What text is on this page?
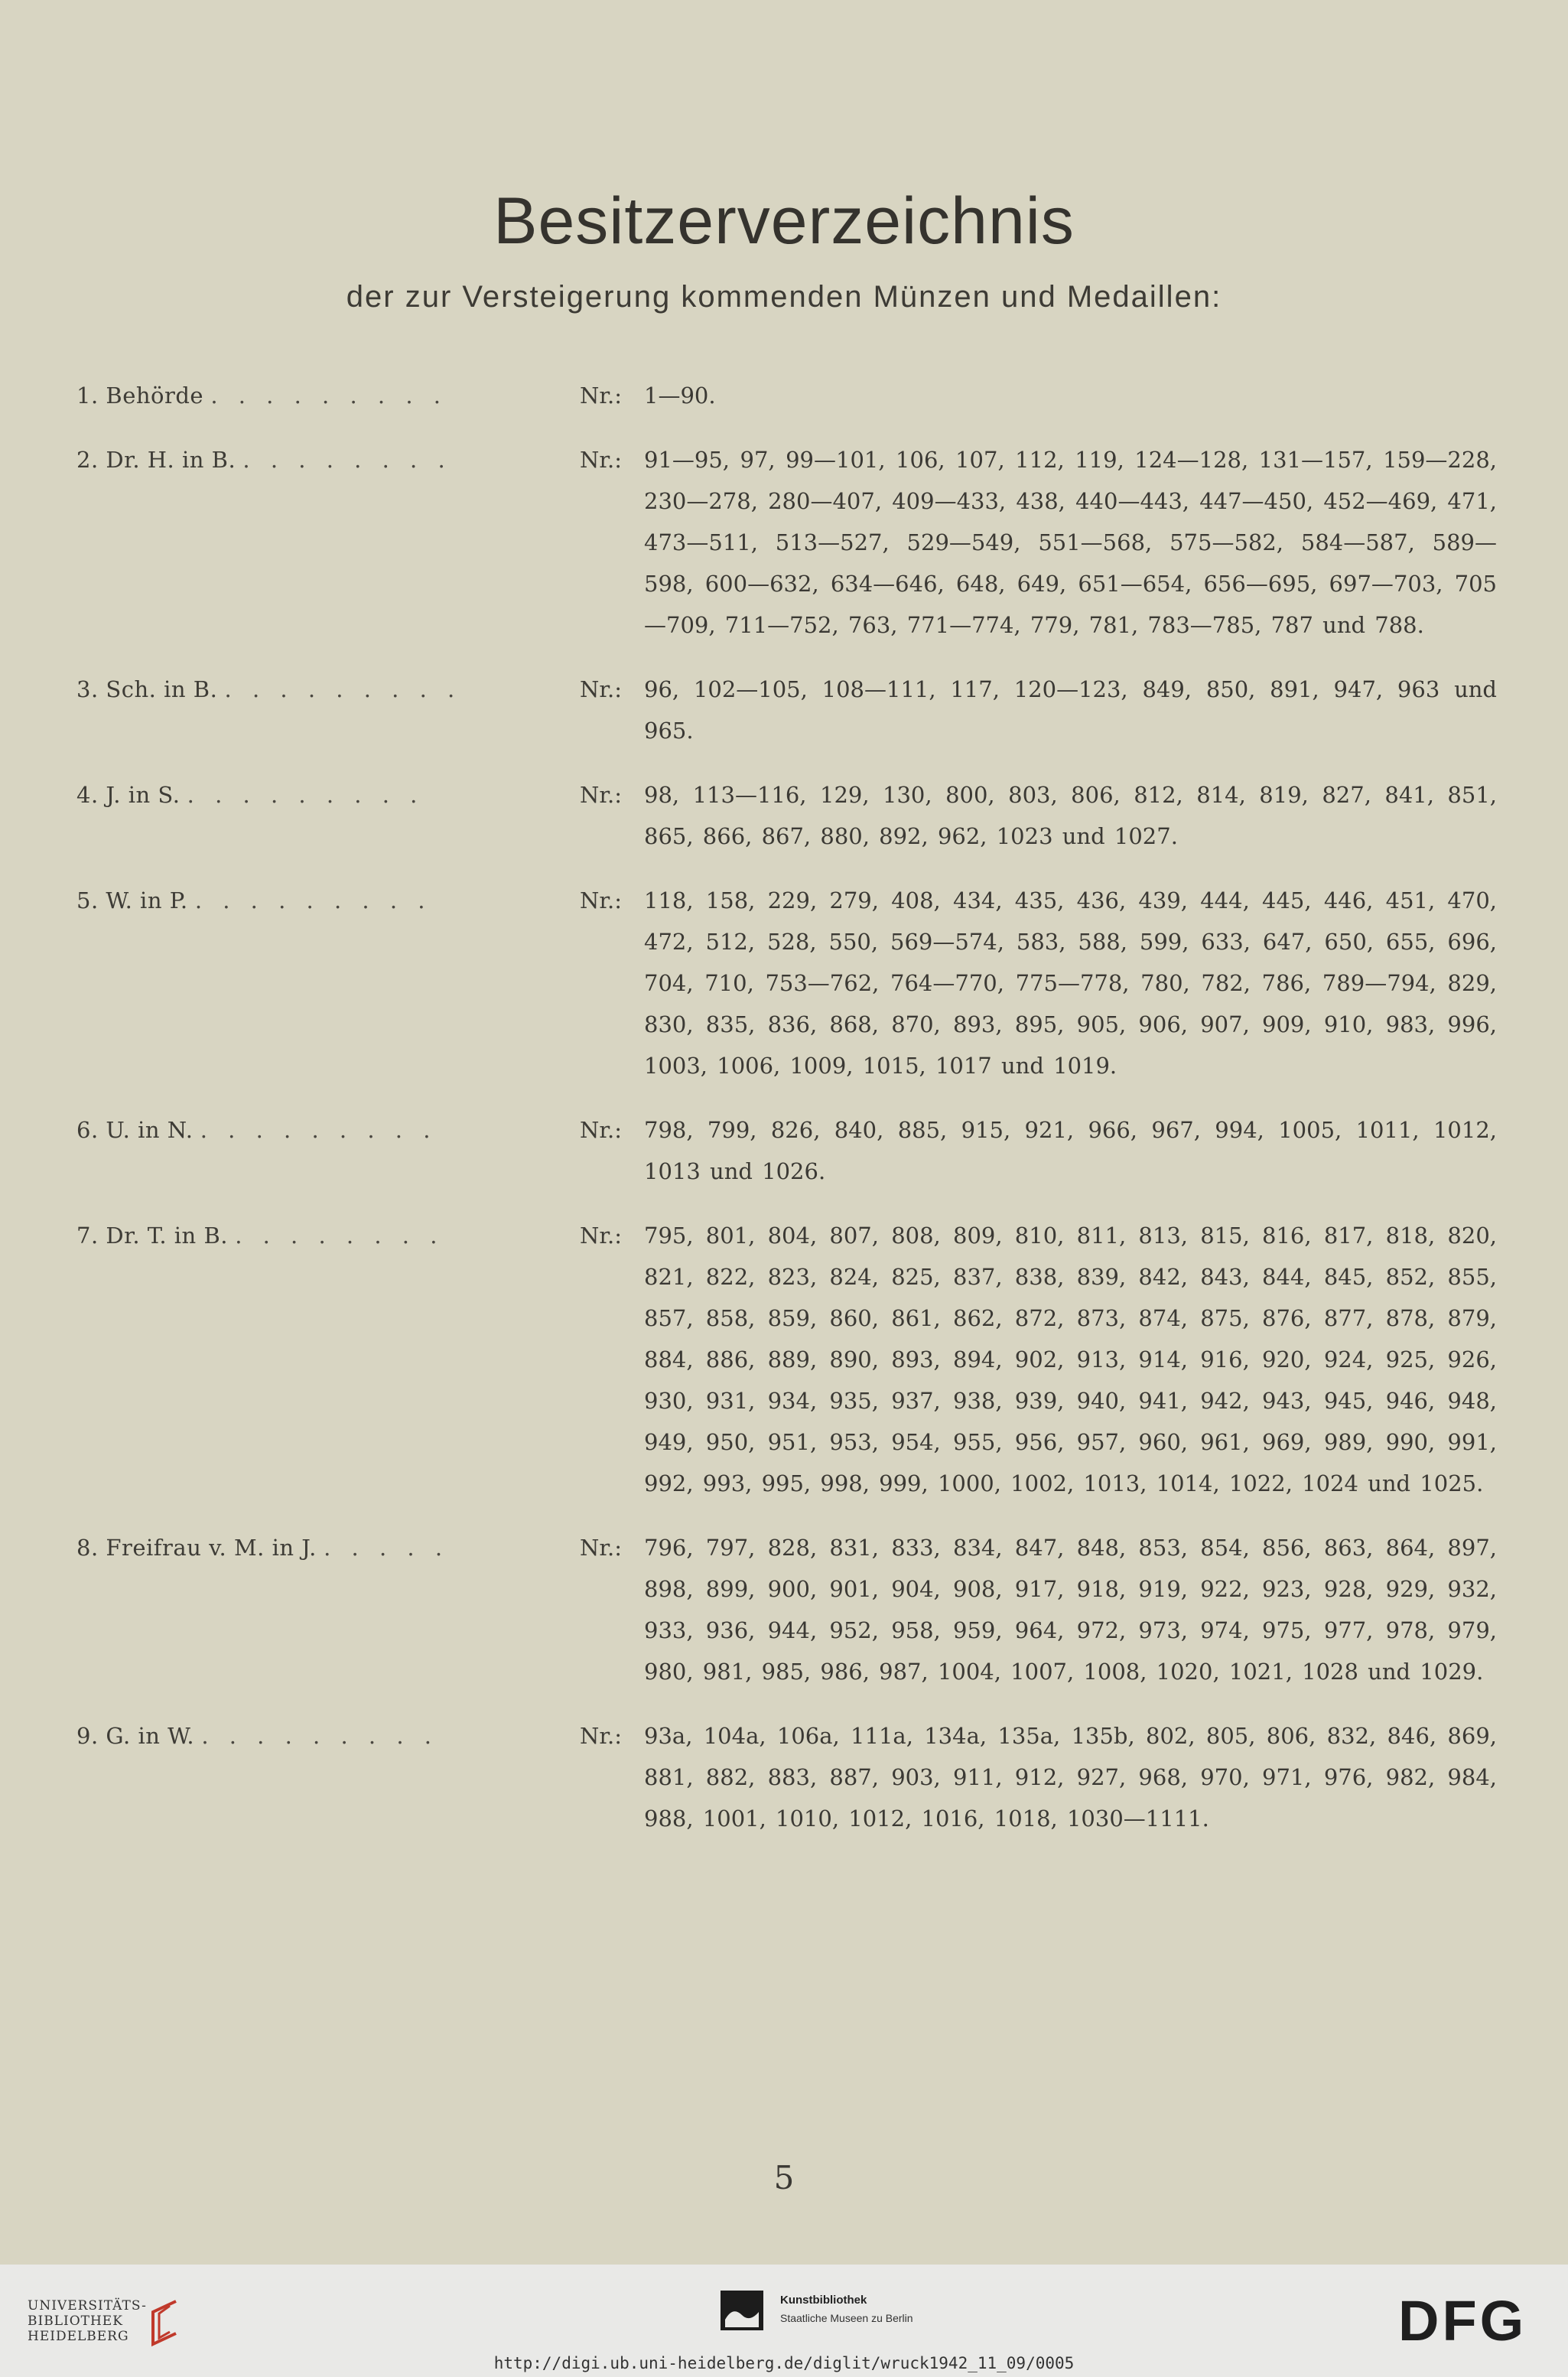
Besitzerverzeichnis
der zur Versteigerung kommenden Münzen und Medaillen:
1. Behörde . . . . . . . . .	Nr.: 1—90.
2. Dr. H. in B. . . . . . . . .	Nr.: 91—95, 97, 99—101, 106, 107, 112, 119, 124—128, 131—157, 159—228, 230—278, 280—407, 409—433, 438, 440—443, 447—450, 452—469, 471, 473—511, 513—527, 529—549, 551—568, 575—582, 584—587, 589—598, 600—632, 634—646, 648, 649, 651—654, 656—695, 697—703, 705—709, 711—752, 763, 771—774, 779, 781, 783—785, 787 und 788.
3. Sch. in B. . . . . . . . . .	Nr.: 96, 102—105, 108—111, 117, 120—123, 849, 850, 891, 947, 963 und 965.
4. J. in S. . . . . . . . . .	Nr.: 98, 113—116, 129, 130, 800, 803, 806, 812, 814, 819, 827, 841, 851, 865, 866, 867, 880, 892, 962, 1023 und 1027.
5. W. in P. . . . . . . . . .	Nr.: 118, 158, 229, 279, 408, 434, 435, 436, 439, 444, 445, 446, 451, 470, 472, 512, 528, 550, 569—574, 583, 588, 599, 633, 647, 650, 655, 696, 704, 710, 753—762, 764—770, 775—778, 780, 782, 786, 789—794, 829, 830, 835, 836, 868, 870, 893, 895, 905, 906, 907, 909, 910, 983, 996, 1003, 1006, 1009, 1015, 1017 und 1019.
6. U. in N. . . . . . . . . .	Nr.: 798, 799, 826, 840, 885, 915, 921, 966, 967, 994, 1005, 1011, 1012, 1013 und 1026.
7. Dr. T. in B. . . . . . . . .	Nr.: 795, 801, 804, 807, 808, 809, 810, 811, 813, 815, 816, 817, 818, 820, 821, 822, 823, 824, 825, 837, 838, 839, 842, 843, 844, 845, 852, 855, 857, 858, 859, 860, 861, 862, 872, 873, 874, 875, 876, 877, 878, 879, 884, 886, 889, 890, 893, 894, 902, 913, 914, 916, 920, 924, 925, 926, 930, 931, 934, 935, 937, 938, 939, 940, 941, 942, 943, 945, 946, 948, 949, 950, 951, 953, 954, 955, 956, 957, 960, 961, 969, 989, 990, 991, 992, 993, 995, 998, 999, 1000, 1002, 1013, 1014, 1022, 1024 und 1025.
8. Freifrau v. M. in J. . . . . .	Nr.: 796, 797, 828, 831, 833, 834, 847, 848, 853, 854, 856, 863, 864, 897, 898, 899, 900, 901, 904, 908, 917, 918, 919, 922, 923, 928, 929, 932, 933, 936, 944, 952, 958, 959, 964, 972, 973, 974, 975, 977, 978, 979, 980, 981, 985, 986, 987, 1004, 1007, 1008, 1020, 1021, 1028 und 1029.
9. G. in W. . . . . . . . . .	Nr.: 93a, 104a, 106a, 111a, 134a, 135a, 135b, 802, 805, 806, 832, 846, 869, 881, 882, 883, 887, 903, 911, 912, 927, 968, 970, 971, 976, 982, 984, 988, 1001, 1010, 1012, 1016, 1018, 1030—1111.
5
UNIVERSITÄTS-
BIBLIOTHEK
HEIDELBERG
Kunstbibliothek
Staatliche Museen zu Berlin	DFG
http://digi.ub.uni-heidelberg.de/diglit/wruck1942_11_09/0005
